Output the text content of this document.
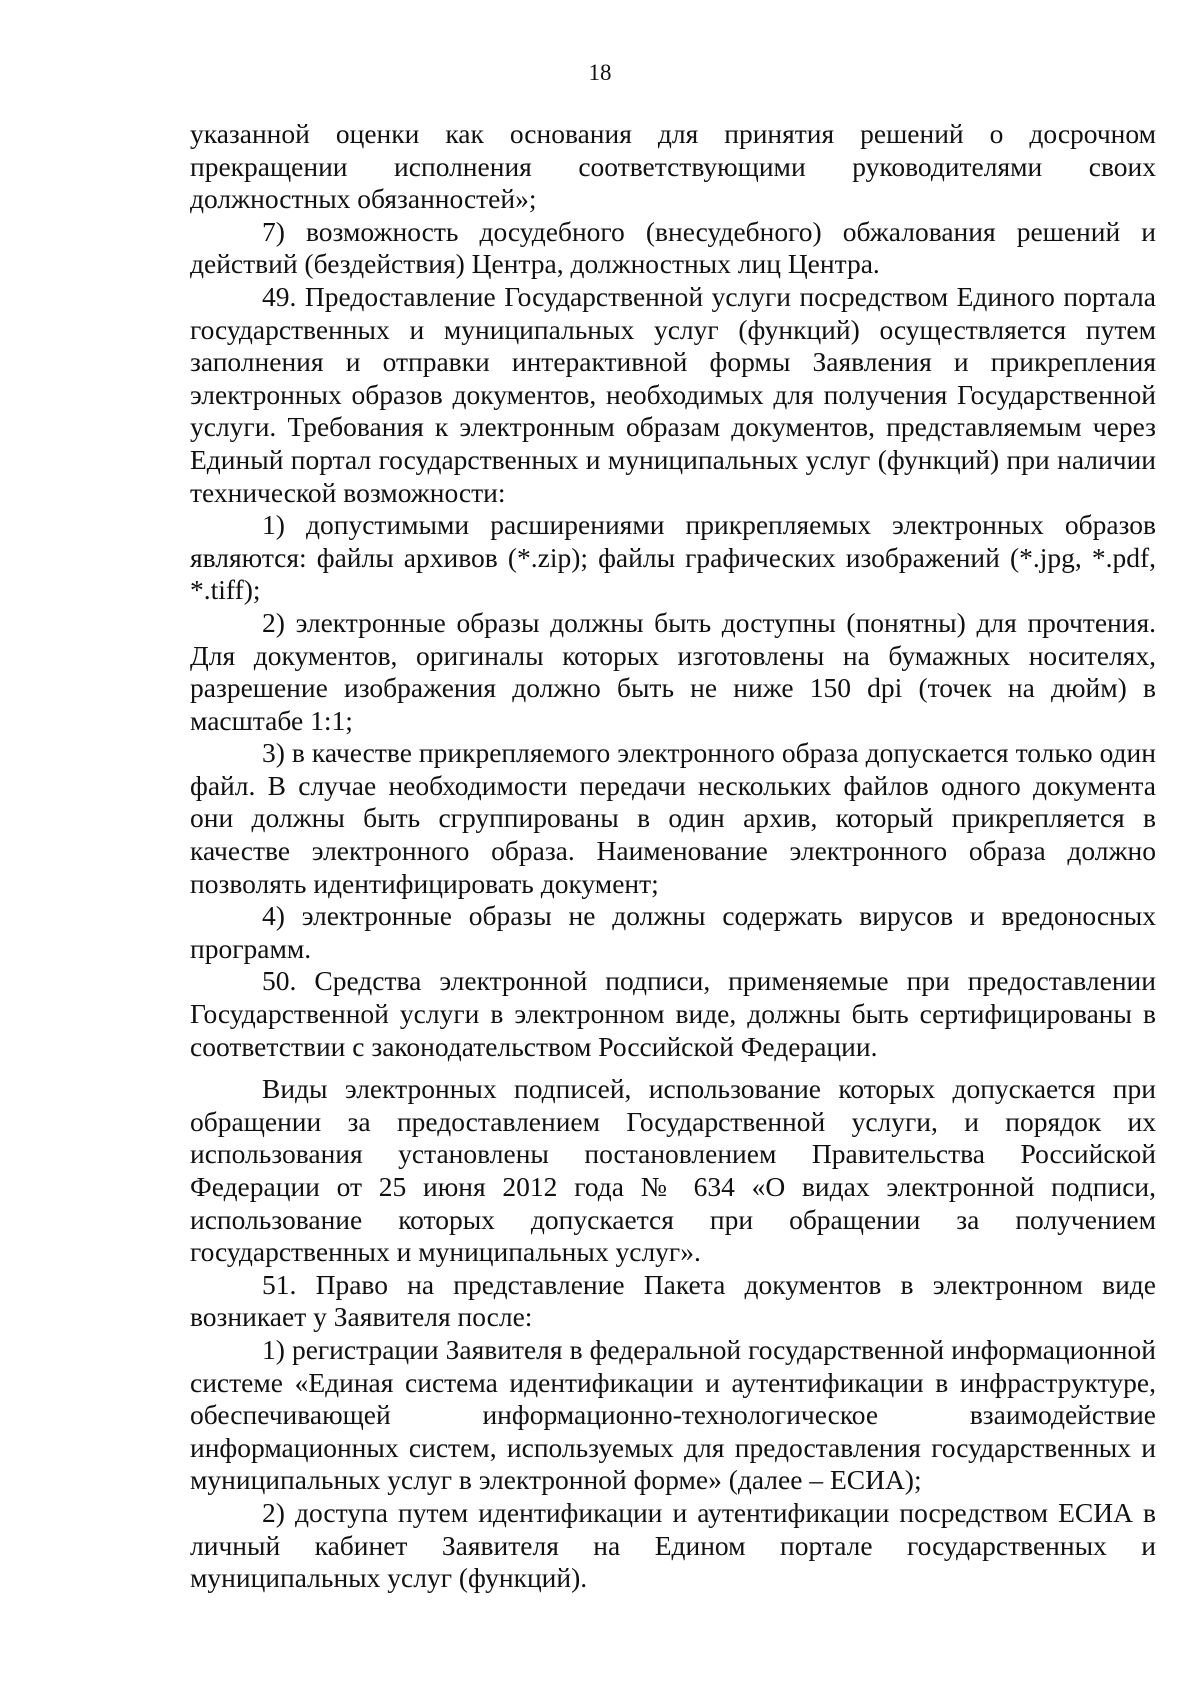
18

указанной оценки как основания для принятия решений о досрочном прекращении исполнения соответствующими руководителями своих должностных обязанностей»;

7) возможность досудебного (внесудебного) обжалования решений и действий (бездействия) Центра, должностных лиц Центра.

49. Предоставление Государственной услуги посредством Единого портала государственных и муниципальных услуг (функций) осуществляется путем заполнения и отправки интерактивной формы Заявления и прикрепления электронных образов документов, необходимых для получения Государственной услуги. Требования к электронным образам документов, представляемым через Единый портал государственных и муниципальных услуг (функций) при наличии технической возможности:

1) допустимыми расширениями прикрепляемых электронных образов являются: файлы архивов (*.zip); файлы графических изображений (*.jpg, *.pdf, *.tiff);

2) электронные образы должны быть доступны (понятны) для прочтения. Для документов, оригиналы которых изготовлены на бумажных носителях, разрешение изображения должно быть не ниже 150 dpi (точек на дюйм) в масштабе 1:1;

3) в качестве прикрепляемого электронного образа допускается только один файл. В случае необходимости передачи нескольких файлов одного документа они должны быть сгруппированы в один архив, который прикрепляется в качестве электронного образа. Наименование электронного образа должно позволять идентифицировать документ;

4) электронные образы не должны содержать вирусов и вредоносных программ.

50. Средства электронной подписи, применяемые при предоставлении Государственной услуги в электронном виде, должны быть сертифицированы в соответствии с законодательством Российской Федерации.

Виды электронных подписей, использование которых допускается при обращении за предоставлением Государственной услуги, и порядок их использования установлены постановлением Правительства Российской Федерации от 25 июня 2012 года № 634 «О видах электронной подписи, использование которых допускается при обращении за получением государственных и муниципальных услуг».

51. Право на представление Пакета документов в электронном виде возникает у Заявителя после:

1) регистрации Заявителя в федеральной государственной информационной системе «Единая система идентификации и аутентификации в инфраструктуре, обеспечивающей информационно-технологическое взаимодействие информационных систем, используемых для предоставления государственных и муниципальных услуг в электронной форме» (далее – ЕСИА);

2) доступа путем идентификации и аутентификации посредством ЕСИА в личный кабинет Заявителя на Едином портале государственных и муниципальных услуг (функций).
